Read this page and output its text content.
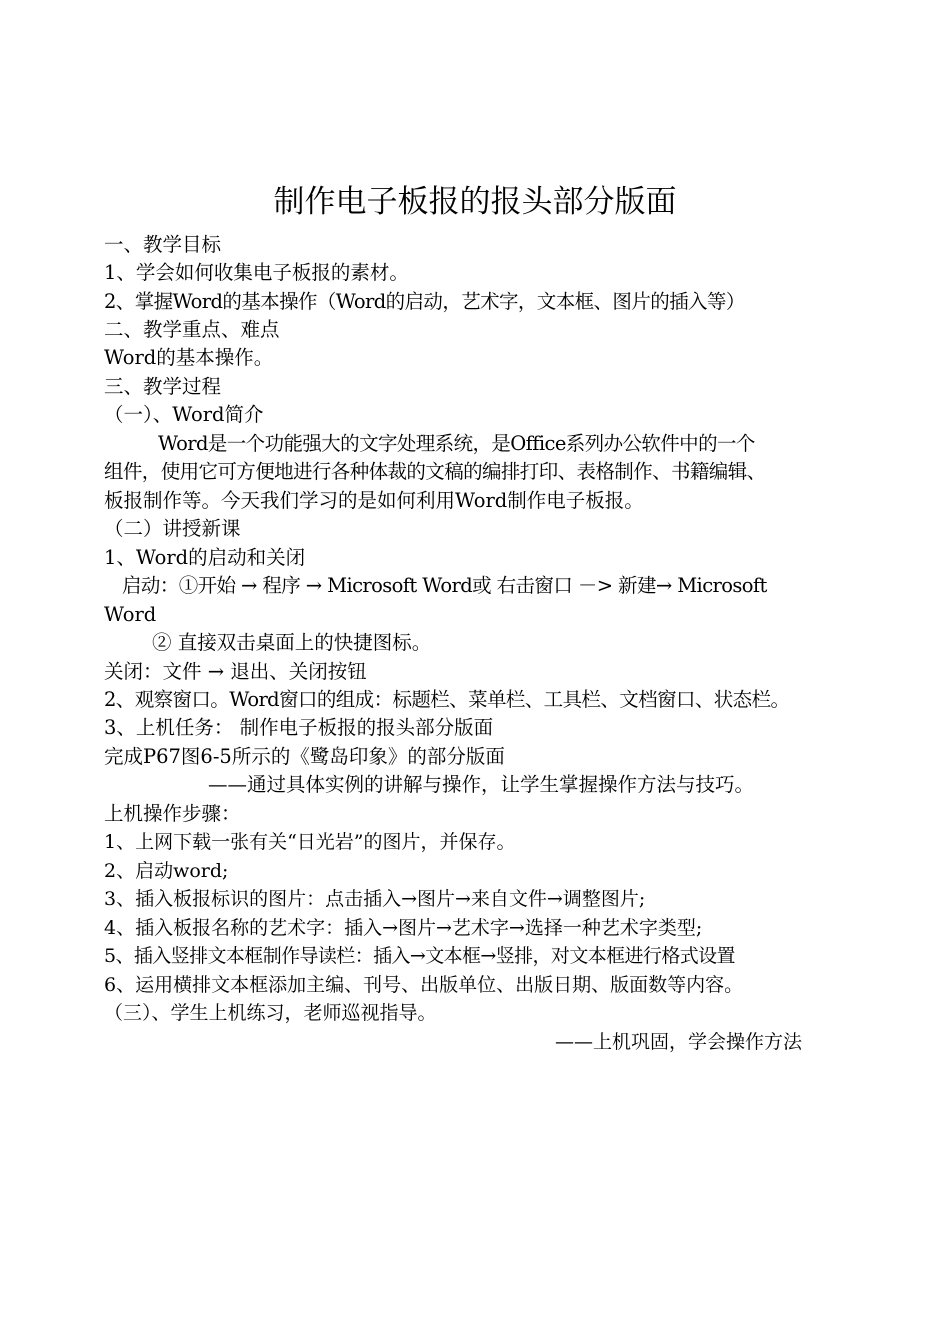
制作电子板报的报头部分版面
一、教学目标
1、学会如何收集电子板报的素材。
2、掌握Word的基本操作（Word的启动，艺术字，文本框、图片的插入等）
二、教学重点、难点
Word的基本操作。
三、教学过程
（一）、Word简介
Word是一个功能强大的文字处理系统，是Office系列办公软件中的一个
组件，使用它可方便地进行各种体裁的文稿的编排打印、表格制作、书籍编辑、
板报制作等。今天我们学习的是如何利用Word制作电子板报。
（二）讲授新课
1、Word的启动和关闭
启动：①开始 → 程序 → Microsoft Word或 右击窗口 －> 新建→ Microsoft
Word
② 直接双击桌面上的快捷图标。
关闭：文件 → 退出、关闭按钮
2、观察窗口。Word窗口的组成：标题栏、菜单栏、工具栏、文档窗口、状态栏。
3、上机任务： 制作电子板报的报头部分版面
完成P67图6-5所示的《鹭岛印象》的部分版面
——通过具体实例的讲解与操作，让学生掌握操作方法与技巧。
上机操作步骤：
1、上网下载一张有关“日光岩”的图片，并保存。
2、启动word;
3、插入板报标识的图片：点击插入→图片→来自文件→调整图片;
4、插入板报名称的艺术字：插入→图片→艺术字→选择一种艺术字类型;
5、插入竖排文本框制作导读栏：插入→文本框→竖排，对文本框进行格式设置
6、运用横排文本框添加主编、刊号、出版单位、出版日期、版面数等内容。
（三）、学生上机练习，老师巡视指导。
——上机巩固，学会操作方法
